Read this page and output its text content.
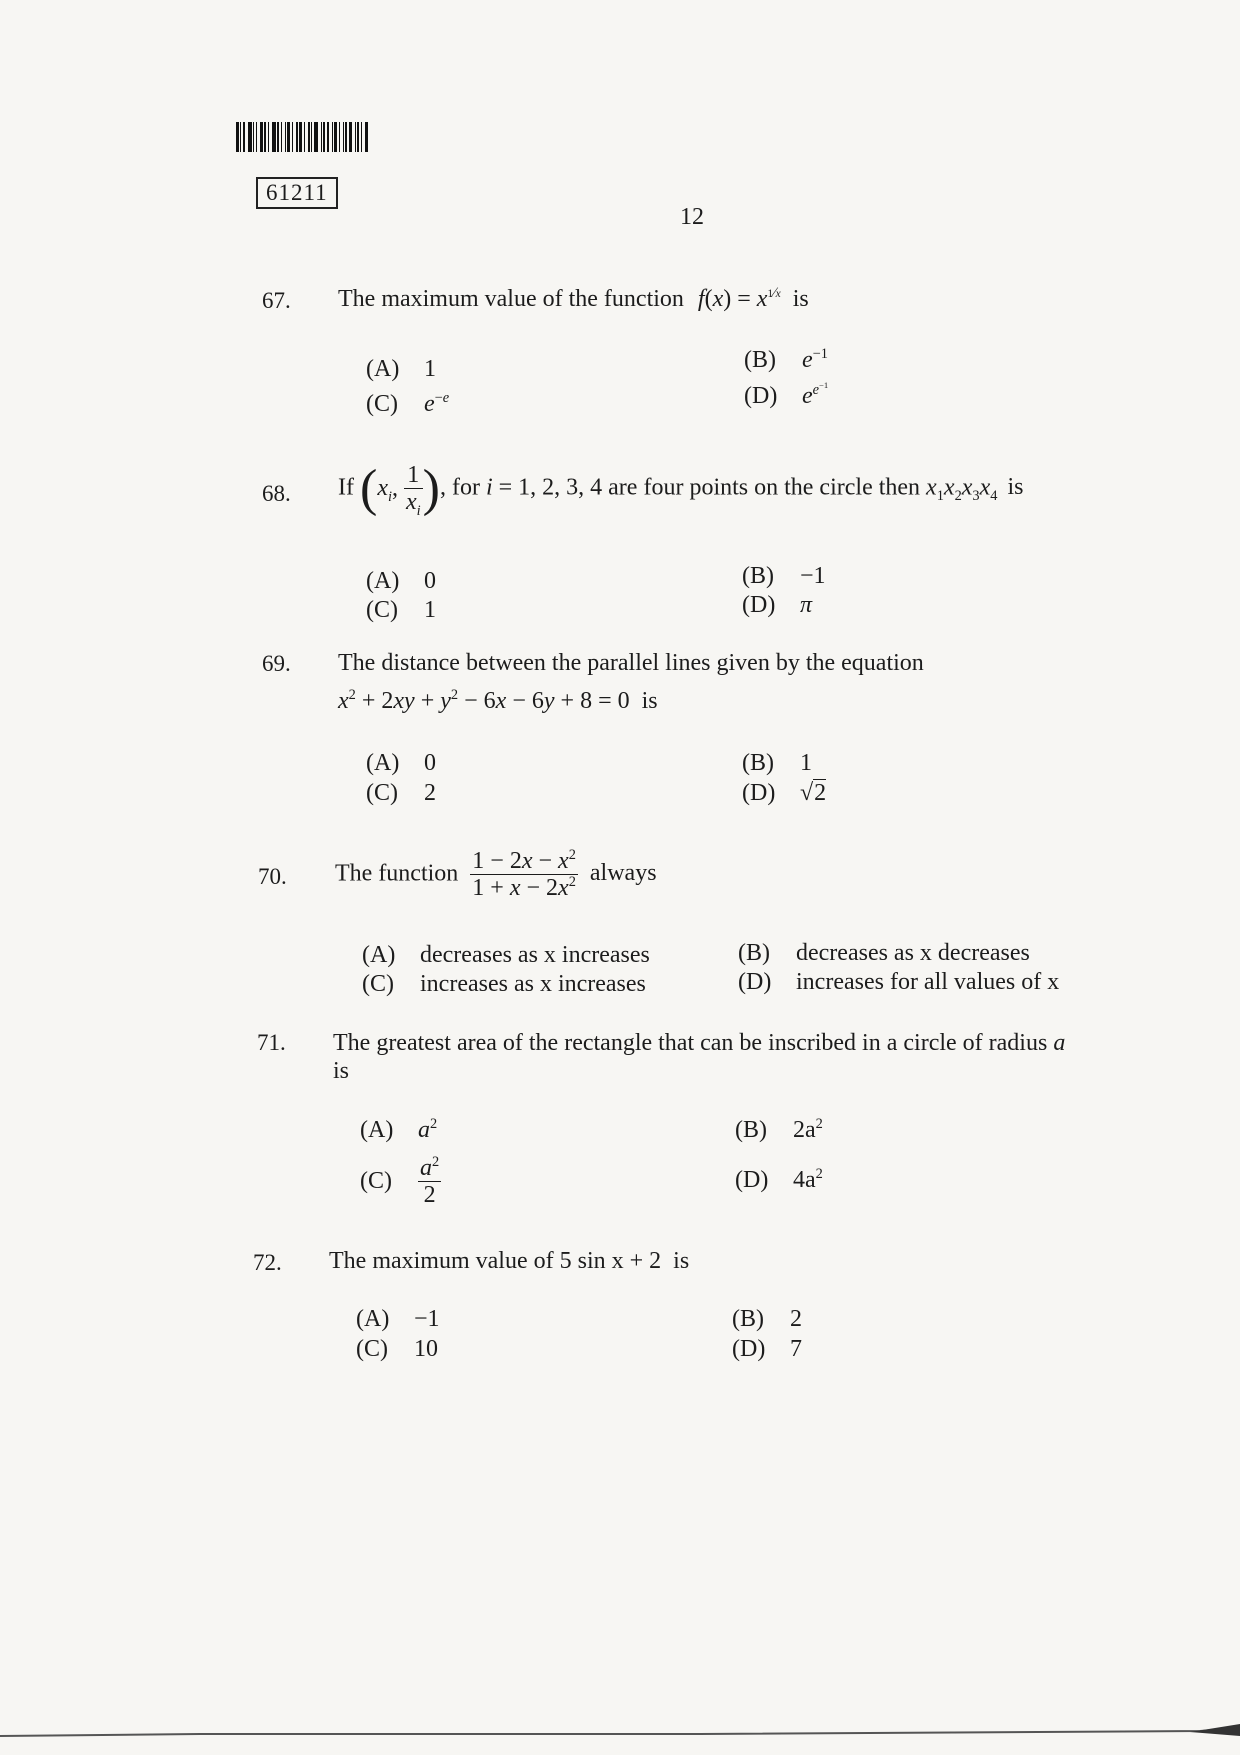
61211
12
67. The maximum value of the function $f(x) = x^{1⁄x}$ is
(A) 1	(B) $e^{-1}$
(C) $e^{-e}$	(D) $e^{e^{-1}}$
68. If ($x_i$, $\frac{1}{x_i}$ ), for i = 1, 2, 3, 4 are four points on the circle then $x_1x_2x_3x_4$ is
(A) 0	(B) −1
(C) 1	(D) π
69. The distance between the parallel lines given by the equation
$x^2 + 2xy + y^2 - 6x - 6y + 8 = 0$ is
(A) 0	(B) 1
(C) 2	(D) √2
70. The function $\frac{1 - 2x - x^2}{1 + x - 2x^2}$ always
(A) decreases as x increases	(B) decreases as x decreases
(C) increases as x increases	(D) increases for all values of x
71. The greatest area of the rectangle that can be inscribed in a circle of radius a
is
(A) $a^2$	(B) $2a^2$
$(C) \frac{a^2}{2}$	(D) $4a^2$
72. The maximum value of 5 sin x + 2 is
(A) −1	(B) 2
(C) 10	(D) 7
